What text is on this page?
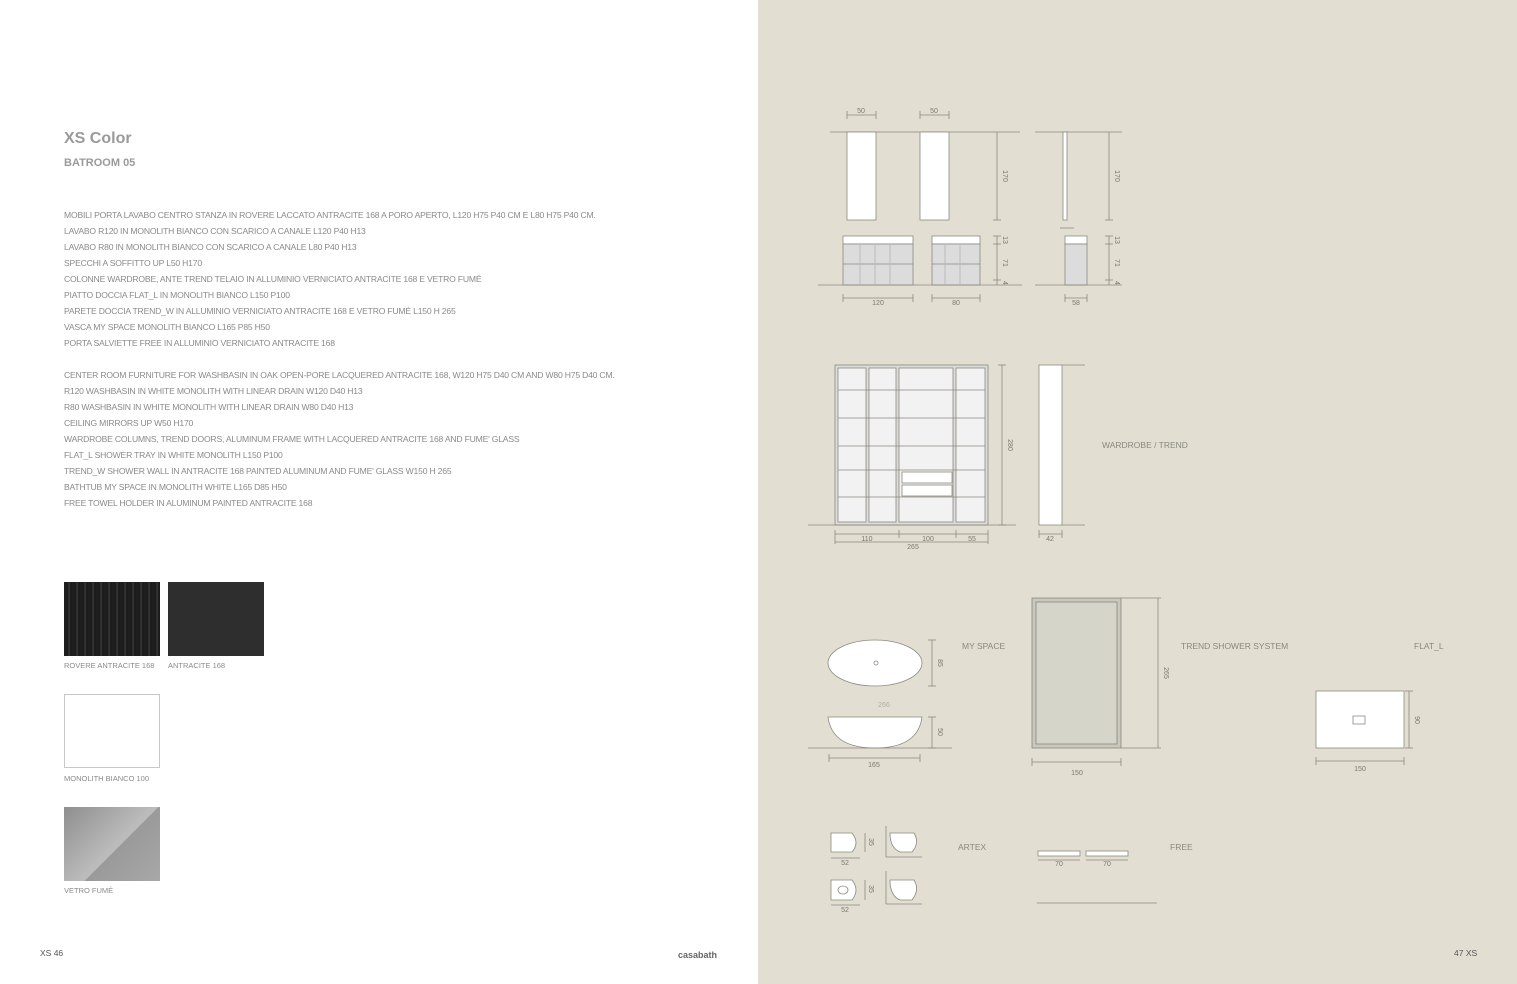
XS Color
BATROOM 05
MOBILI PORTA LAVABO CENTRO STANZA IN ROVERE LACCATO ANTRACITE 168 A PORO APERTO, L120 H75 P40 CM E L80 H75 P40 CM.
LAVABO R120 IN MONOLITH BIANCO CON SCARICO A CANALE L120 P40 H13
LAVABO R80 IN MONOLITH BIANCO CON SCARICO A CANALE L80 P40 H13
SPECCHI A SOFFITTO UP L50 H170
COLONNE WARDROBE, ANTE TREND TELAIO IN ALLUMINIO VERNICIATO ANTRACITE 168 E VETRO FUMÉ
PIATTO DOCCIA FLAT_L IN MONOLITH BIANCO L150 P100
PARETE DOCCIA TREND_W IN ALLUMINIO VERNICIATO ANTRACITE 168 E VETRO FUMÉ L150 H 265
VASCA MY SPACE MONOLITH BIANCO L165 P85 H50
PORTA SALVIETTE FREE IN ALLUMINIO VERNICIATO ANTRACITE 168
CENTER ROOM FURNITURE FOR WASHBASIN IN OAK OPEN-PORE LACQUERED ANTRACITE 168, W120 H75 D40 CM AND W80 H75 D40 CM.
R120 WASHBASIN IN WHITE MONOLITH WITH LINEAR DRAIN W120 D40 H13
R80 WASHBASIN IN WHITE MONOLITH WITH LINEAR DRAIN W80 D40 H13
CEILING MIRRORS UP W50 H170
WARDROBE COLUMNS, TREND DOORS, ALUMINUM FRAME WITH LACQUERED ANTRACITE 168 AND FUME' GLASS
FLAT_L SHOWER TRAY IN WHITE MONOLITH L150 P100
TREND_W SHOWER WALL IN ANTRACITE 168 PAINTED ALUMINUM AND FUME' GLASS W150 H 265
BATHTUB MY SPACE IN MONOLITH WHITE L165 D85 H50
FREE TOWEL HOLDER IN ALUMINUM PAINTED ANTRACITE 168
ROVERE ANTRACITE 168 ANTRACITE 168
MONOLITH BIANCO 100
VETRO FUMÉ
XS 46	casabath
50	50
170	170
13
71
4
13
71
4
120	80	58
280
110	100	55
265
42
85
50
165
266
265
150
90
150
35
35
52
52
70	70
WARDROBE / TREND
MY SPACE	TREND SHOWER SYSTEM	FLAT_L
ARTEX	FREE
47 XS
